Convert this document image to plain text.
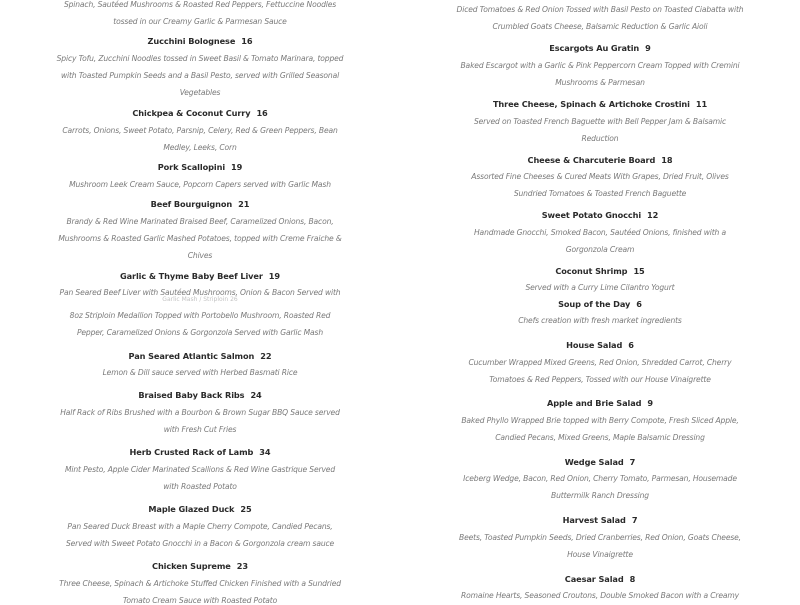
Spinach, Sautéed Mushrooms & Roasted Red Peppers, Fettuccine Noodles
tossed in our Creamy Garlic & Parmesan Sauce
Zucchini Bolognese 16
Spicy Tofu, Zucchini Noodles tossed in Sweet Basil & Tomato Marinara, topped
with Toasted Pumpkin Seeds and a Basil Pesto, served with Grilled Seasonal
Vegetables
Chickpea & Coconut Curry 16
Carrots, Onions, Sweet Potato, Parsnip, Celery, Red & Green Peppers, Bean
Medley, Leeks, Corn
Pork Scallopini 19
Mushroom Leek Cream Sauce, Popcorn Capers served with Garlic Mash
Beef Bourguignon 21
Brandy & Red Wine Marinated Braised Beef, Caramelized Onions, Bacon,
Mushrooms & Roasted Garlic Mashed Potatoes, topped with Creme Fraiche &
Chives
Garlic & Thyme Baby Beef Liver 19
Pan Seared Beef Liver with Sautéed Mushrooms, Onion & Bacon Served with
Garlic Mash / Striploin 26
8oz Striploin Medallion Topped with Portobello Mushroom, Roasted Red
Pepper, Caramelized Onions & Gorgonzola Served with Garlic Mash
Pan Seared Atlantic Salmon 22
Lemon & Dill sauce served with Herbed Basmati Rice
Braised Baby Back Ribs 24
Half Rack of Ribs Brushed with a Bourbon & Brown Sugar BBQ Sauce served
with Fresh Cut Fries
Herb Crusted Rack of Lamb 34
Mint Pesto, Apple Cider Marinated Scallions & Red Wine Gastrique Served
with Roasted Potato
Maple Glazed Duck 25
Pan Seared Duck Breast with a Maple Cherry Compote, Candied Pecans,
Served with Sweet Potato Gnocchi in a Bacon & Gorgonzola cream sauce
Chicken Supreme 23
Three Cheese, Spinach & Artichoke Stuffed Chicken Finished with a Sundried
Tomato Cream Sauce with Roasted Potato
Diced Tomatoes & Red Onion Tossed with Basil Pesto on Toasted Ciabatta with
Crumbled Goats Cheese, Balsamic Reduction & Garlic Aioli
Escargots Au Gratin 9
Baked Escargot with a Garlic & Pink Peppercorn Cream Topped with Cremini
Mushrooms & Parmesan
Three Cheese, Spinach & Artichoke Crostini 11
Served on Toasted French Baguette with Bell Pepper Jam & Balsamic
Reduction
Cheese & Charcuterie Board 18
Assorted Fine Cheeses & Cured Meats With Grapes, Dried Fruit, Olives
Sundried Tomatoes & Toasted French Baguette
Sweet Potato Gnocchi 12
Handmade Gnocchi, Smoked Bacon, Sautéed Onions, finished with a
Gorgonzola Cream
Coconut Shrimp 15
Served with a Curry Lime Cilantro Yogurt
Soup of the Day 6
Chefs creation with fresh market ingredients
House Salad 6
Cucumber Wrapped Mixed Greens, Red Onion, Shredded Carrot, Cherry
Tomatoes & Red Peppers, Tossed with our House Vinaigrette
Apple and Brie Salad 9
Baked Phyllo Wrapped Brie topped with Berry Compote, Fresh Sliced Apple,
Candied Pecans, Mixed Greens, Maple Balsamic Dressing
Wedge Salad 7
Iceberg Wedge, Bacon, Red Onion, Cherry Tomato, Parmesan, Housemade
Buttermilk Ranch Dressing
Harvest Salad 7
Beets, Toasted Pumpkin Seeds, Dried Cranberries, Red Onion, Goats Cheese,
House Vinaigrette
Caesar Salad 8
Romaine Hearts, Seasoned Croutons, Double Smoked Bacon with a Creamy
